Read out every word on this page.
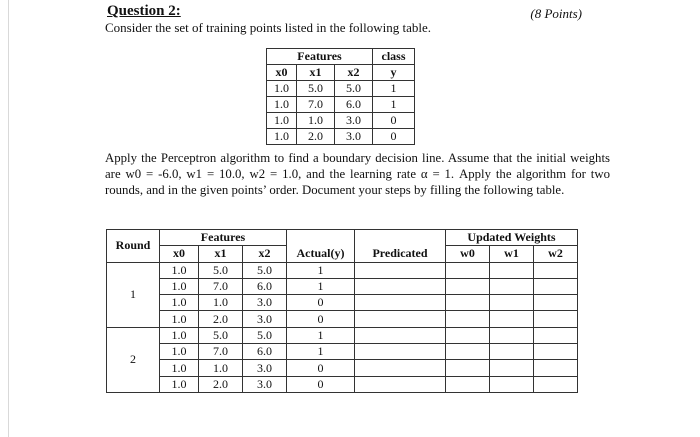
Question 2:	(8 Points)
Consider the set of training points listed in the following table.
Features			class
x0	x1	x2	y
1.0	5.0	5.0	1
1.0	7.0	6.0	1
1.0	1.0	3.0	0
1.0	2.0	3.0	0
Apply the Perceptron algorithm to find a boundary decision line. Assume that the initial weights are w0 = -6.0, w1 = 10.0, w2 = 1.0, and the learning rate α = 1. Apply the algorithm for two rounds, and in the given points’ order. Document your steps by filling the following table.
Round	Features					Updated Weights		
	x0	x1	x2	Actual(y)	Predicated	w0	w1	w2
1	1.0	5.0	5.0	1				
	1.0	7.0	6.0	1				
	1.0	1.0	3.0	0				
	1.0	2.0	3.0	0				
2	1.0	5.0	5.0	1				
	1.0	7.0	6.0	1				
	1.0	1.0	3.0	0				
	1.0	2.0	3.0	0				
